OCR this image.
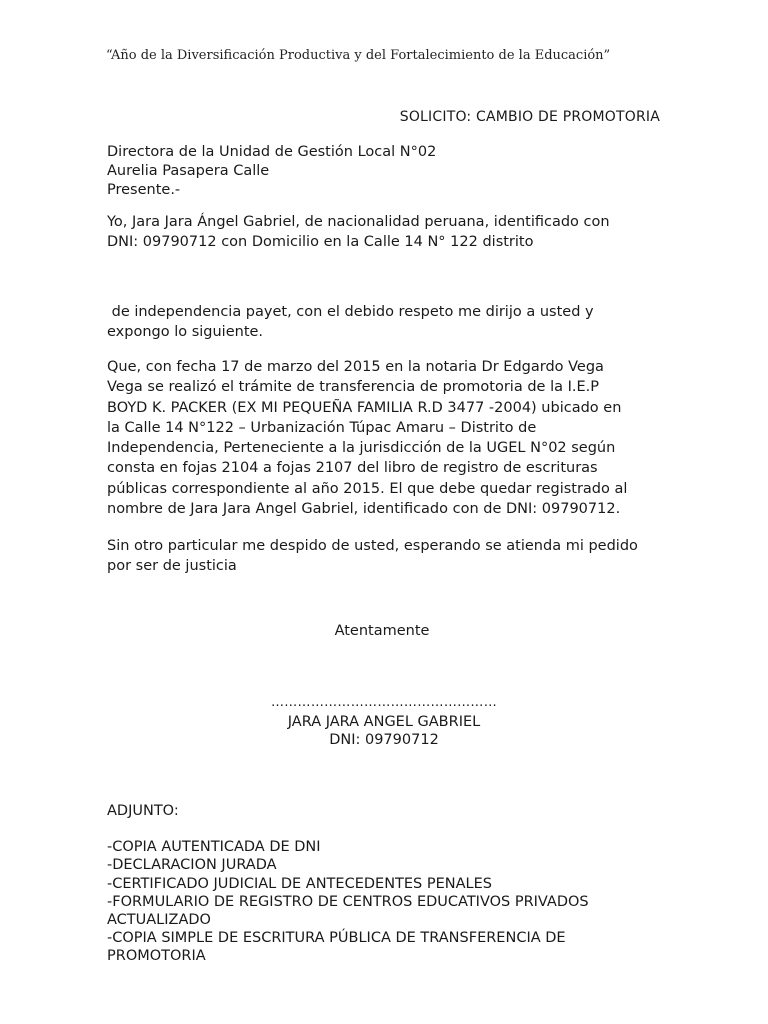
“Año de la Diversificación Productiva y del Fortalecimiento de la Educación”
SOLICITO: CAMBIO DE PROMOTORIA
Directora de la Unidad de Gestión Local N°02
Aurelia Pasapera Calle
Presente.-
Yo, Jara Jara Ángel Gabriel, de nacionalidad peruana, identificado con
DNI: 09790712 con Domicilio en la Calle 14 N° 122 distrito
de independencia payet, con el debido respeto me dirijo a usted y
expongo lo siguiente.
Que, con fecha 17 de marzo del 2015 en la notaria Dr Edgardo Vega
Vega se realizó el trámite de transferencia de promotoria de la I.E.P
BOYD K. PACKER (EX MI PEQUEÑA FAMILIA R.D 3477 -2004) ubicado en
la Calle 14 N°122 – Urbanización Túpac Amaru – Distrito de
Independencia, Perteneciente a la jurisdicción de la UGEL N°02 según
consta en fojas 2104 a fojas 2107 del libro de registro de escrituras
públicas correspondiente al año 2015. El que debe quedar registrado al
nombre de Jara Jara Angel Gabriel, identificado con de DNI: 09790712.
Sin otro particular me despido de usted, esperando se atienda mi pedido
por ser de justicia
Atentamente
……………………………………………
JARA JARA ANGEL GABRIEL
DNI: 09790712
ADJUNTO:
-COPIA AUTENTICADA DE DNI
-DECLARACION JURADA
-CERTIFICADO JUDICIAL DE ANTECEDENTES PENALES
-FORMULARIO DE REGISTRO DE CENTROS EDUCATIVOS PRIVADOS
ACTUALIZADO
-COPIA SIMPLE DE ESCRITURA PÚBLICA DE TRANSFERENCIA DE
PROMOTORIA
